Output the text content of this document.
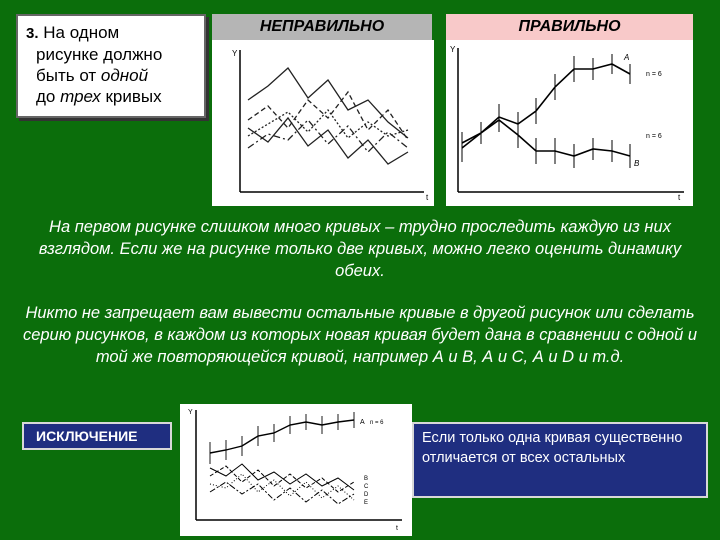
3. На одном
рисунке должно
быть от одной
до трех кривых
НЕПРАВИЛЬНО	ПРАВИЛЬНО
Y
t
Y
t
A
n = 6
n = 6
B
На первом рисунке слишком много кривых – трудно проследить каждую из них взглядом. Если же на рисунке только две кривых, можно легко оценить динамику обеих.
Никто не запрещает вам вывести остальные кривые в другой рисунок или сделать серию рисунков, в каждом из которых новая кривая будет дана в сравнении с одной и той же повторяющейся кривой, например А и В, А и С, А и D и т.д.
ИСКЛЮЧЕНИЕ
Y
t
A n = 6
B
C
D
E
Если только одна кривая существенно отличается от всех остальных
